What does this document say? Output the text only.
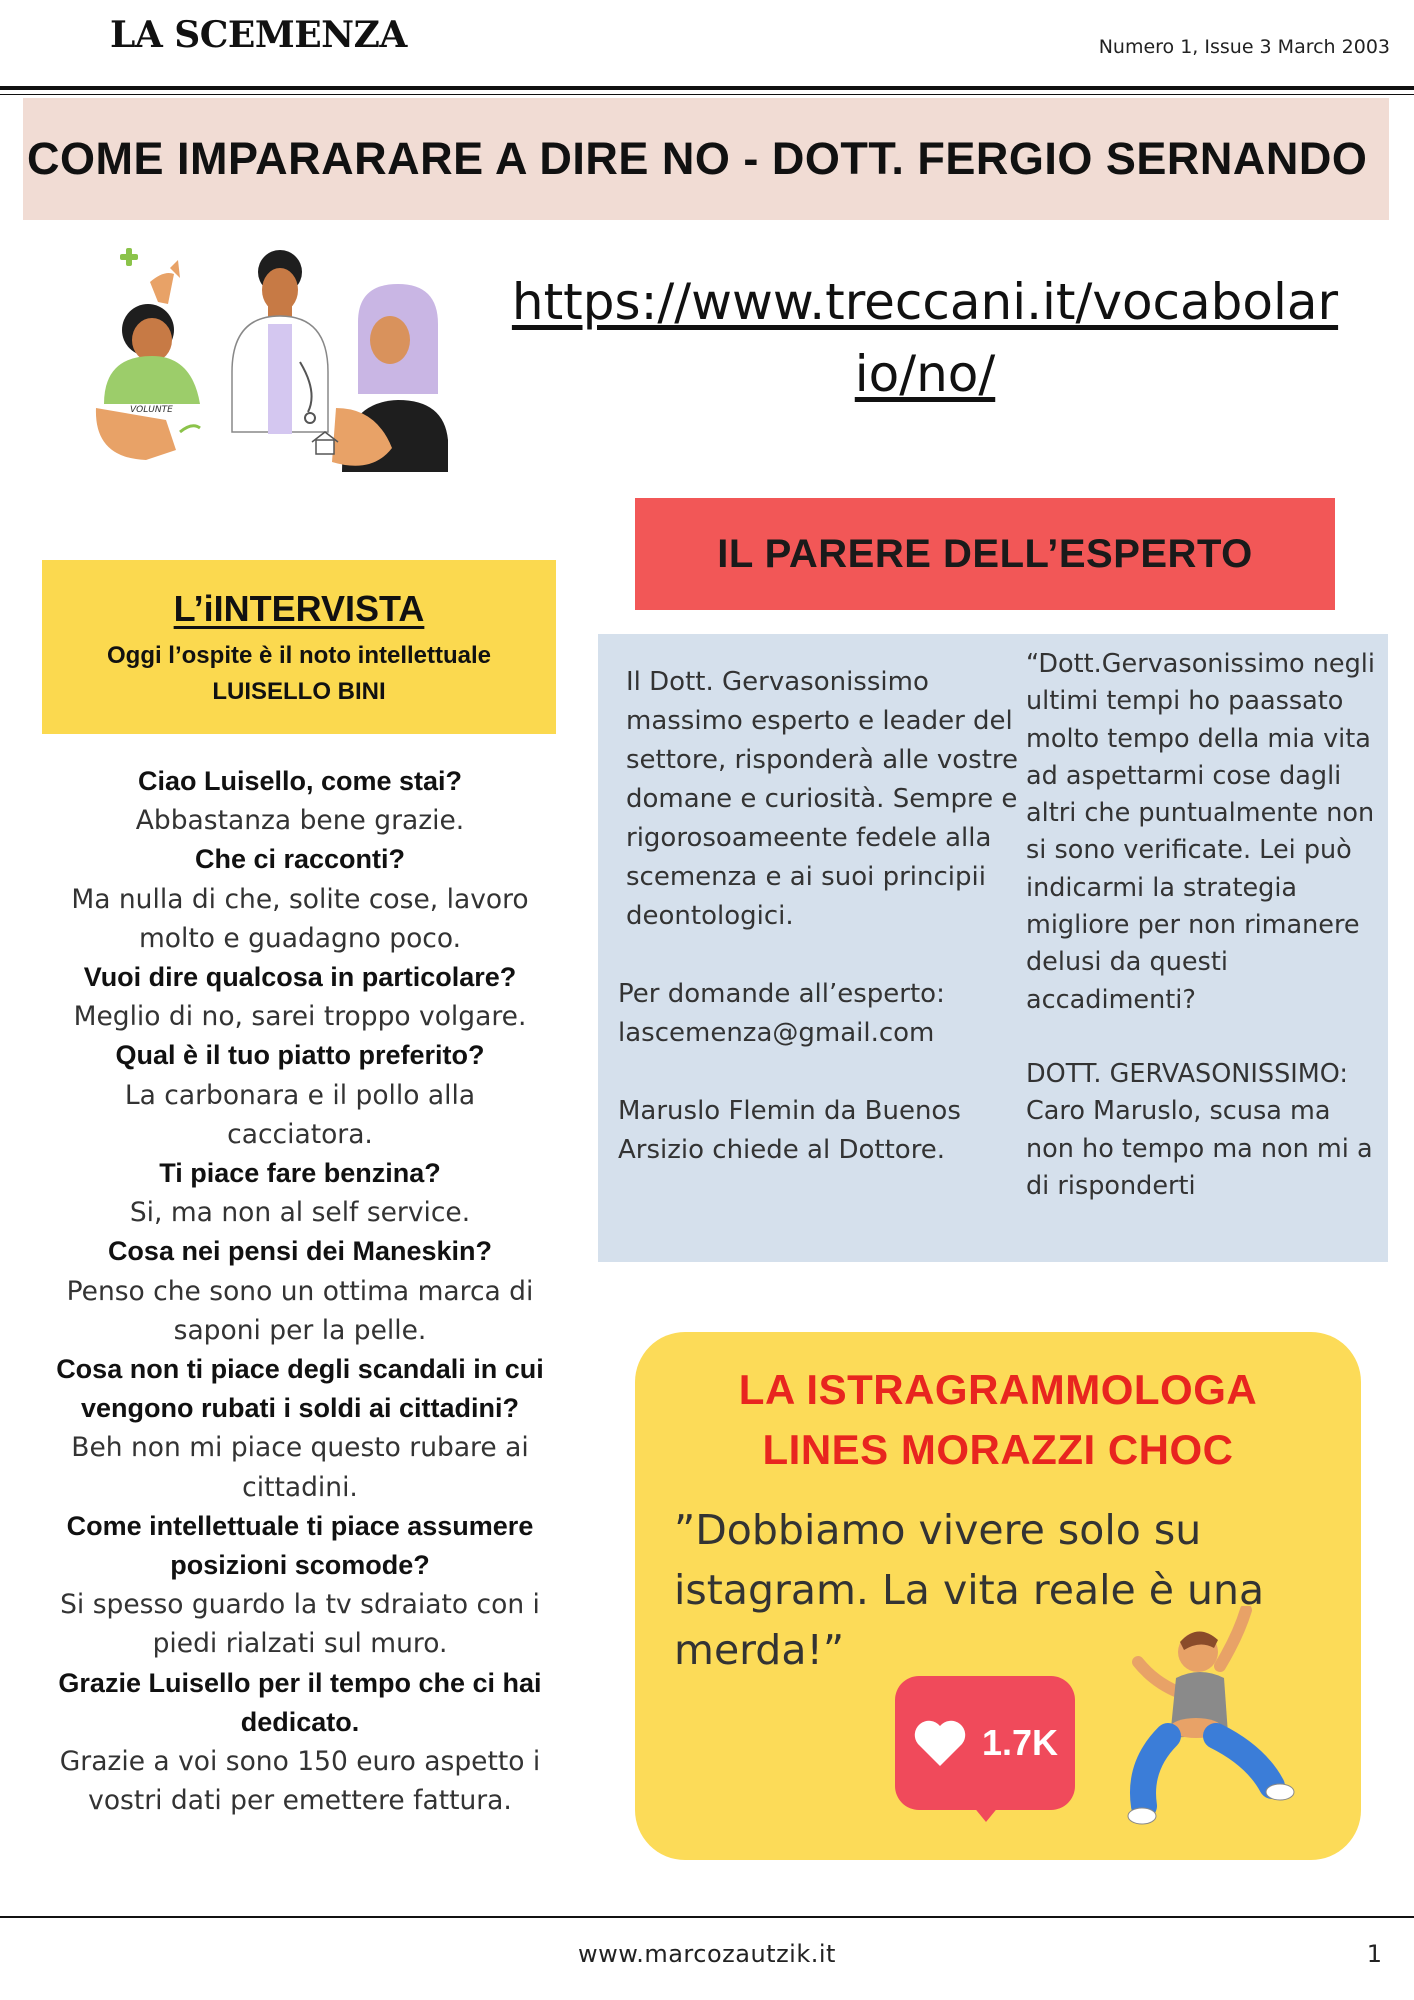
LA SCEMENZA	Numero 1, Issue 3 March 2003
COME IMPARARARE A DIRE NO - DOTT. FERGIO SERNANDO
VOLUNTE
https://www.treccani.it/vocabolario/no/
IL PARERE DELL’ESPERTO

Il Dott. Gervasonissimo massimo esperto e leader del settore, risponderà alle vostre domane e curiosità. Sempre e rigorosoameente fedele alla scemenza e ai suoi principii deontologici.

Per domande all’esperto:

lascemenza@gmail.com

Maruslo Flemin da Buenos Arsizio chiede al Dottore.

“Dott.Gervasonissimo negli ultimi tempi ho paassato molto tempo della mia vita ad aspettarmi cose dagli altri che puntualmente non si sono verificate. Lei può indicarmi la strategia migliore per non rimanere delusi da questi accadimenti?

DOTT. GERVASONISSIMO:

Caro Maruslo, scusa ma non ho tempo ma non mi a di risponderti

L’iINTERVISTA
Oggi l’ospite è il noto intellettuale
LUISELLO BINI
Ciao Luisello, come stai?
Abbastanza bene grazie.
Che ci racconti?
Ma nulla di che, solite cose, lavoro molto e guadagno poco.
Vuoi dire qualcosa in particolare?
Meglio di no, sarei troppo volgare.
Qual è il tuo piatto preferito?
La carbonara e il pollo alla cacciatora.
Ti piace fare benzina?
Si, ma non al self service.
Cosa nei pensi dei Maneskin?
Penso che sono un ottima marca di saponi per la pelle.
Cosa non ti piace degli scandali in cui vengono rubati i soldi ai cittadini?
Beh non mi piace questo rubare ai cittadini.
Come intellettuale ti piace assumere posizioni scomode?
Si spesso guardo la tv sdraiato con i piedi rialzati sul muro.
Grazie Luisello per il tempo che ci hai dedicato.
Grazie a voi sono 150 euro aspetto i vostri dati per emettere fattura.
LA ISTRAGRAMMOLOGA
LINES MORAZZI CHOC
”Dobbiamo vivere solo su istagram. La vita reale è una merda!”
1.7K
www.marcozautzik.it	1
